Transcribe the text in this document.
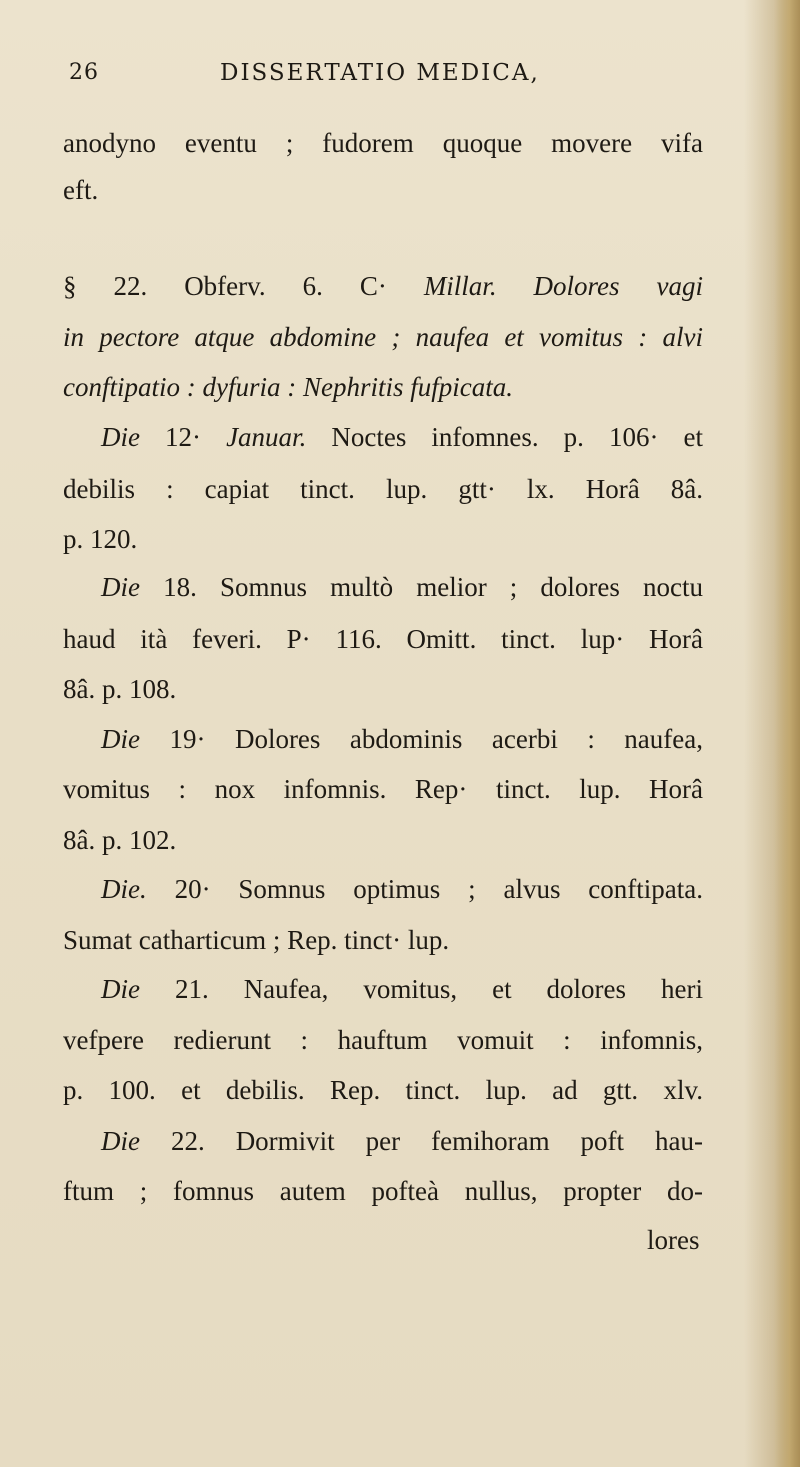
26	DISSERTATIO MEDICA,
anodyno eventu ; fudorem quoque movere vifa
eft.
§ 22. Obferv. 6. C· Millar. Dolores vagi
in pectore atque abdomine ; naufea et vomitus : alvi
conftipatio : dyfuria : Nephritis fufpicata.
Die 12· Januar. Noctes infomnes. p. 106· et
debilis : capiat tinct. lup. gtt· lx. Horâ 8â.
p. 120.
Die 18. Somnus multò melior ; dolores noctu
haud ità feveri. P· 116. Omitt. tinct. lup· Horâ
8â. p. 108.
Die 19· Dolores abdominis acerbi : naufea,
vomitus : nox infomnis. Rep· tinct. lup. Horâ
8â. p. 102.
Die. 20· Somnus optimus ; alvus conftipata.
Sumat catharticum ; Rep. tinct· lup.
Die 21. Naufea, vomitus, et dolores heri
vefpere redierunt : hauftum vomuit : infomnis,
p. 100. et debilis. Rep. tinct. lup. ad gtt. xlv.
Die 22. Dormivit per femihoram poft hau-
ftum ; fomnus autem pofteà nullus, propter do-
lores
